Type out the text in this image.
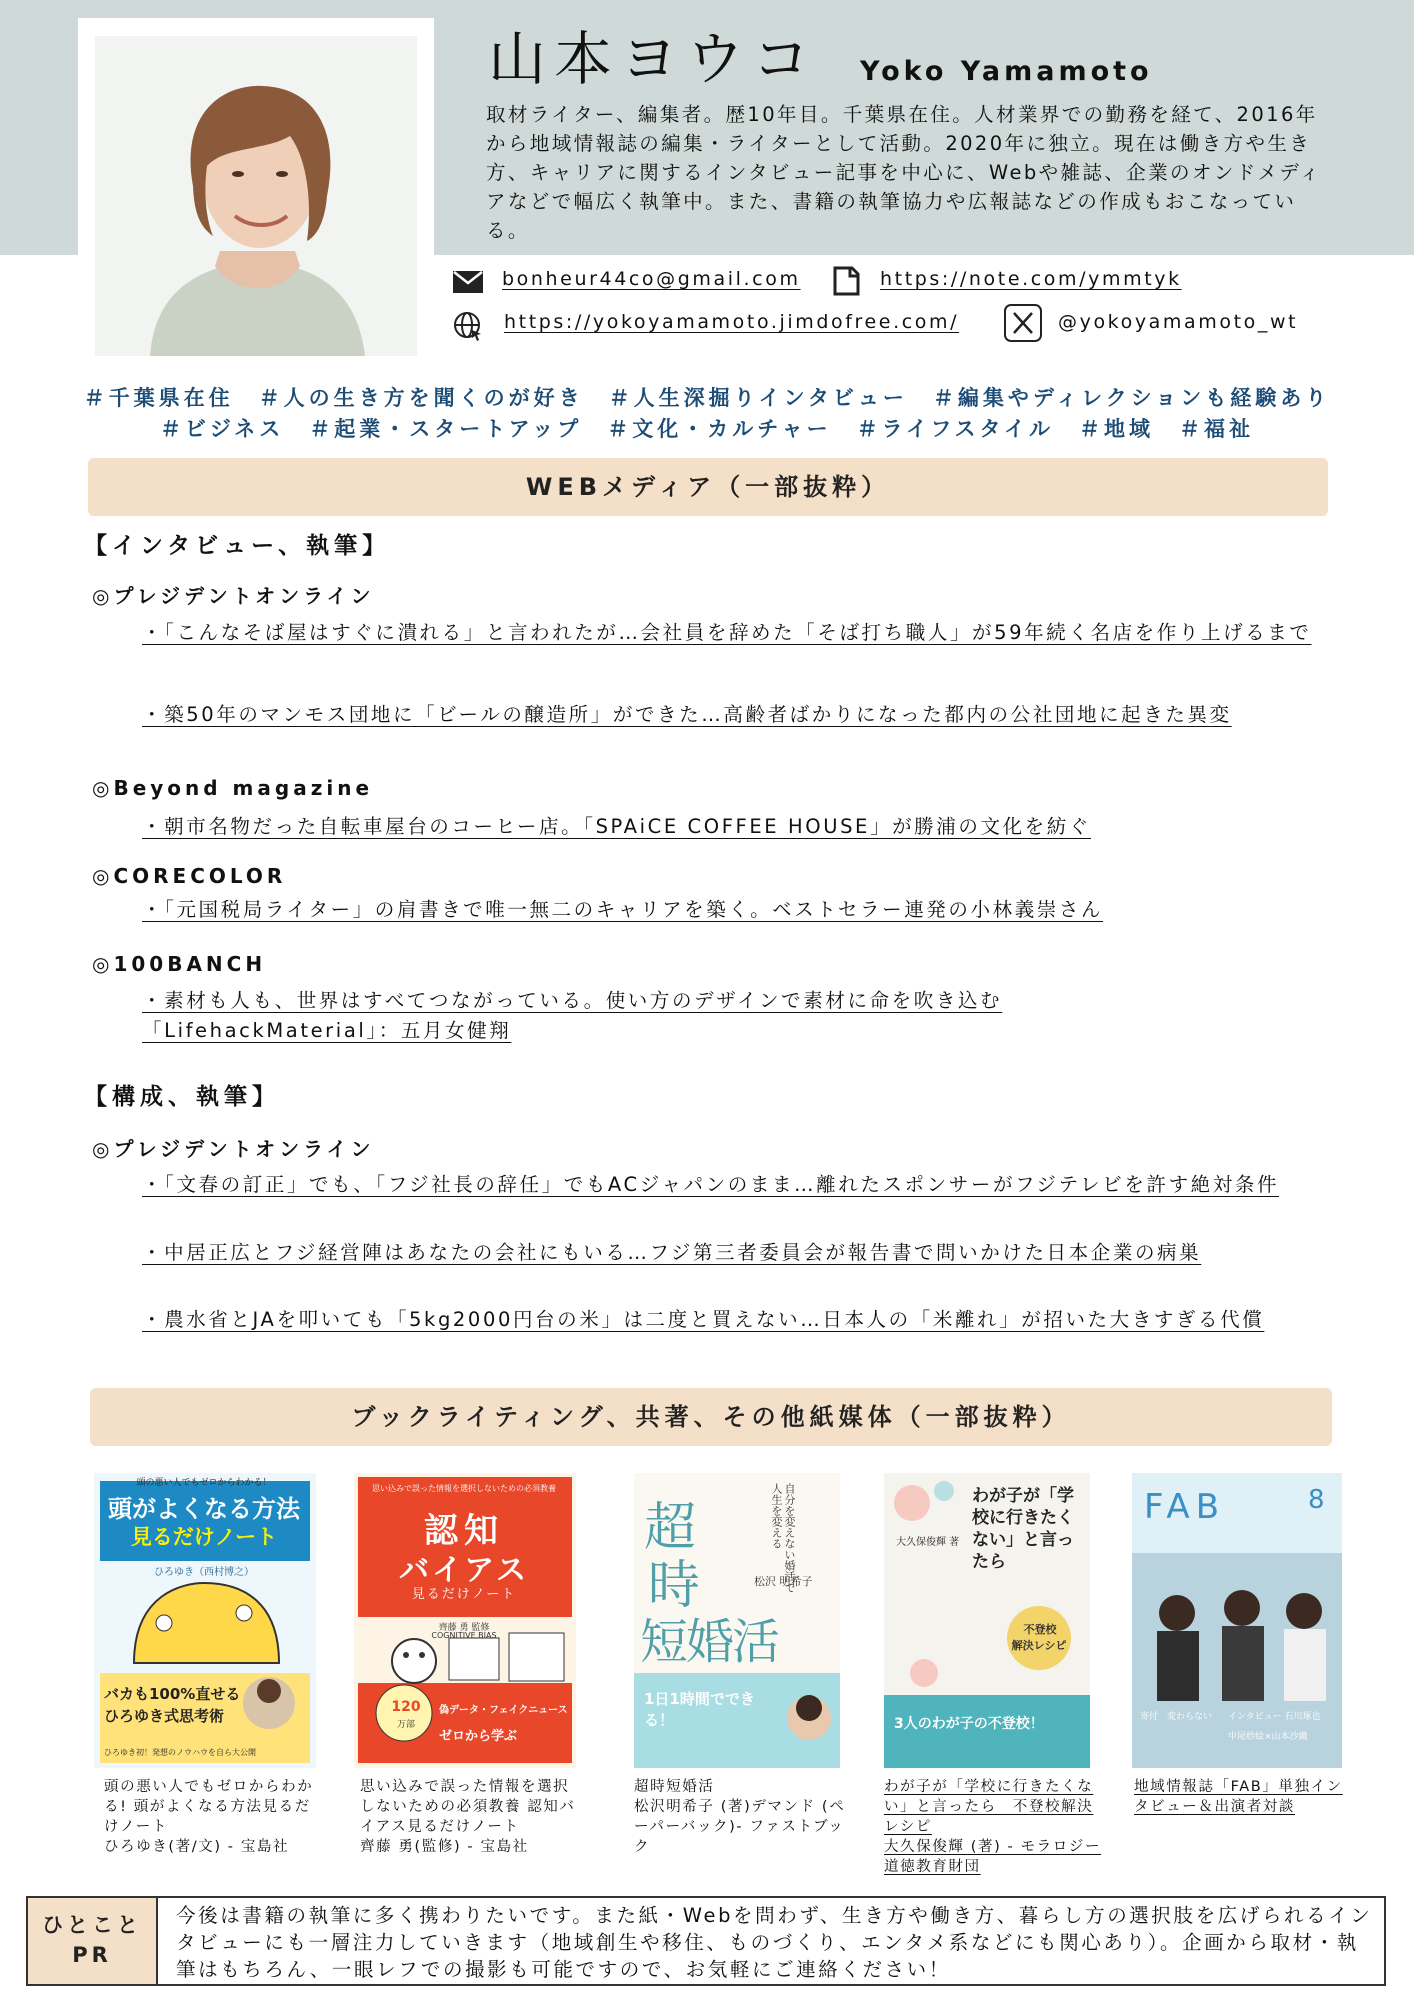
山本ヨウコ Yoko Yamamoto
取材ライター、編集者。歴10年目。千葉県在住。人材業界での勤務を経て、2016年から地域情報誌の編集・ライターとして活動。2020年に独立。現在は働き方や生き方、キャリアに関するインタビュー記事を中心に、Webや雑誌、企業のオンドメディアなどで幅広く執筆中。また、書籍の執筆協力や広報誌などの作成もおこなっている。
bonheur44co@gmail.com	https://note.com/ymmtyk
https://yokoyamamoto.jimdofree.com/	@yokoyamamoto_wt
＃千葉県在住　＃人の生き方を聞くのが好き　＃人生深掘りインタビュー　＃編集やディレクションも経験あり
＃ビジネス　＃起業・スタートアップ　＃文化・カルチャー　＃ライフスタイル　＃地域　＃福祉
WEBメディア（一部抜粋）
【インタビュー、執筆】
◎プレジデントオンライン
・「こんなそば屋はすぐに潰れる」と言われたが…会社員を辞めた「そば打ち職人」が59年続く名店を作り上げるまで
・築50年のマンモス団地に「ビールの醸造所」ができた…高齢者ばかりになった都内の公社団地に起きた異変
◎Beyond magazine
・朝市名物だった自転車屋台のコーヒー店。「SPAiCE COFFEE HOUSE」が勝浦の文化を紡ぐ
◎CORECOLOR
・「元国税局ライター」の肩書きで唯一無二のキャリアを築く。ベストセラー連発の小林義崇さん
◎100BANCH
・素材も人も、世界はすべてつながっている。使い方のデザインで素材に命を吹き込む「LifehackMaterial」：五月女健翔
【構成、執筆】
◎プレジデントオンライン
・「文春の訂正」でも、「フジ社長の辞任」でもACジャパンのまま…離れたスポンサーがフジテレビを許す絶対条件
・中居正広とフジ経営陣はあなたの会社にもいる…フジ第三者委員会が報告書で問いかけた日本企業の病巣
・農水省とJAを叩いても「5kg2000円台の米」は二度と買えない…日本人の「米離れ」が招いた大きすぎる代償
ブックライティング、共著、その他紙媒体（一部抜粋）
頭の悪い人でもゼロからわかる！
頭がよくなる方法
見るだけノート
ひろゆき（西村博之）
バカも100%直せる
ひろゆき式思考術
ひろゆき初！発想のノウハウを自ら大公開
頭の悪い人でもゼロからわかる! 頭がよくなる方法見るだけノート
ひろゆき(著/文) - 宝島社
思い込みで誤った情報を選択しないための必須教養
認知
バイアス
見るだけノート
齊藤 勇 監修
COGNITIVE BIAS
120
万部
偽データ・フェイクニュース
ゼロから学ぶ
思い込みで誤った情報を選択しないための必須教養 認知バイアス見るだけノート
齊藤 勇(監修) - 宝島社
超
時
短婚活
自分を変えない婚活で人生を変える
松沢 明希子
1日1時間でできる！
超時短婚活
松沢明希子 (著)デマンド (ペーパーバック)- ファストブック
わが子が「学校に行きたくない」と言ったら
大久保俊輝 著
不登校
解決レシピ
3人のわが子の不登校！
わが子が「学校に行きたくない」と言ったら　不登校解決レシピ
大久保俊輝 (著) - モラロジー道徳教育財団
FAB	8
寄付　変わらない	インタビュー 石川琢也
中尾紗絵×山本沙織
地域情報誌「FAB」単独インタビュー＆出演者対談
ひとこと
PR
今後は書籍の執筆に多く携わりたいです。また紙・Webを問わず、生き方や働き方、暮らし方の選択肢を広げられるインタビューにも一層注力していきます（地域創生や移住、ものづくり、エンタメ系などにも関心あり）。企画から取材・執筆はもちろん、一眼レフでの撮影も可能ですので、お気軽にご連絡ください！
